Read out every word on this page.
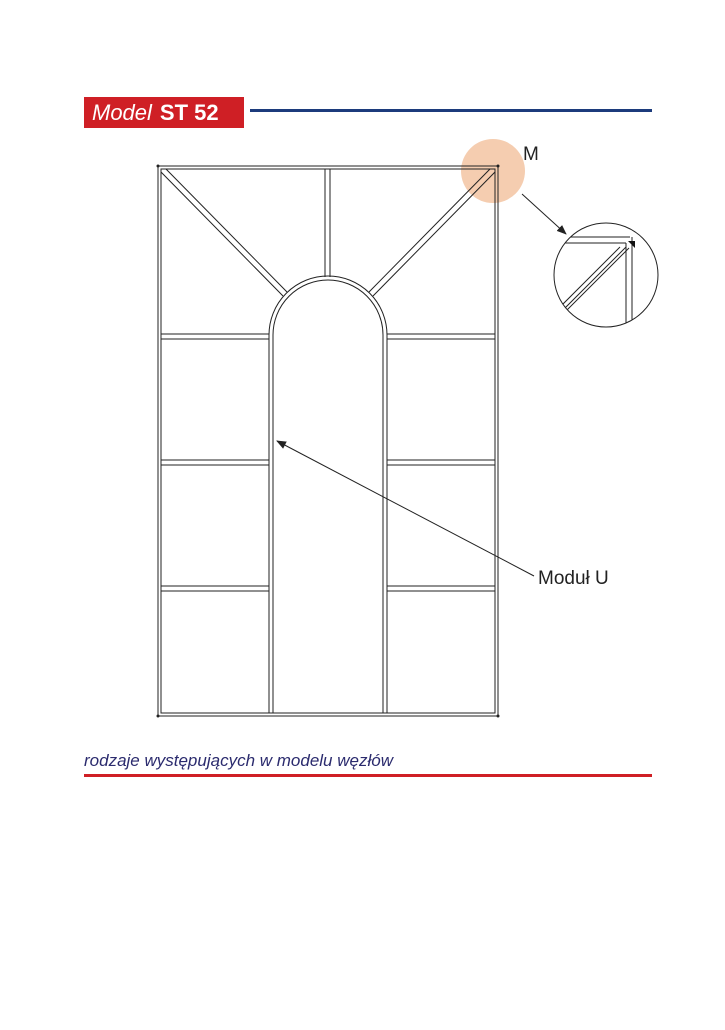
Model ST 52
M
Moduł U
rodzaje występujących w modelu węzłów
